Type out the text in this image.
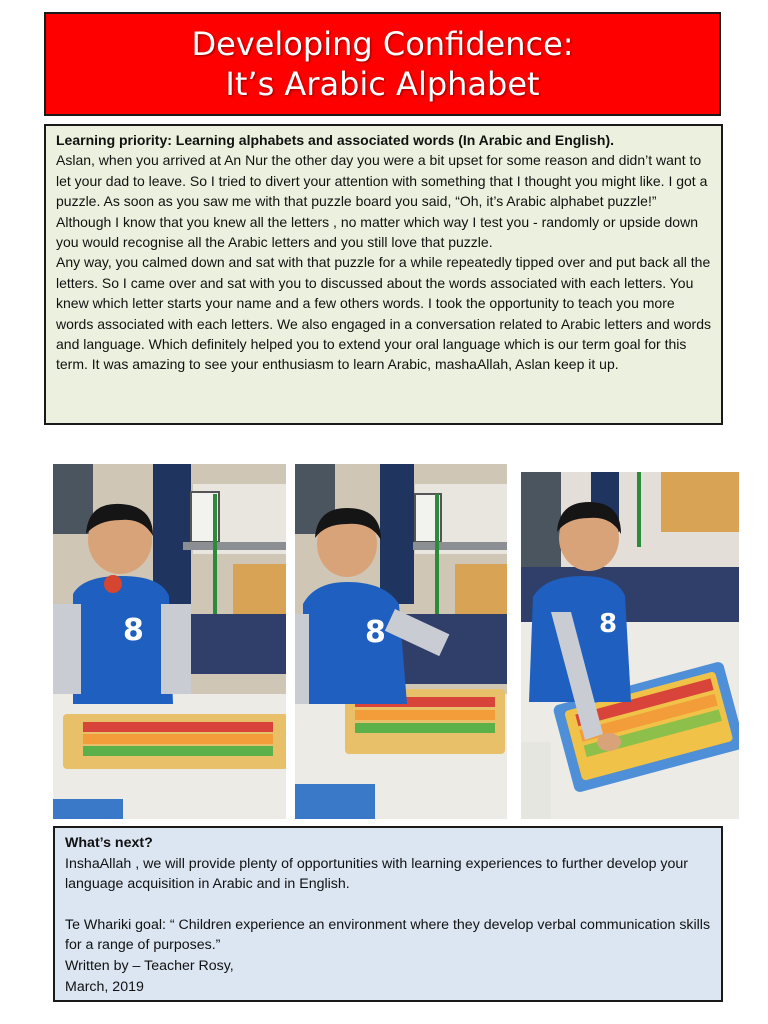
Developing Confidence:
It’s Arabic Alphabet

Learning priority: Learning alphabets and associated words (In Arabic and English).

Aslan, when you arrived at An Nur the other day you were a bit upset for some reason and didn’t want to let your dad to leave. So I tried to divert your attention with something that I thought you might like. I got a puzzle. As soon as you saw me with that puzzle board you said, “Oh, it’s Arabic alphabet puzzle!” Although I know that you knew all the letters , no matter which way I test you - randomly or upside down you would recognise all the Arabic letters and you still love that puzzle.

Any way, you calmed down and sat with that puzzle for a while repeatedly tipped over and put back all the letters. So I came over and sat with you to discussed about the words associated with each letters. You knew which letter starts your name and a few others words. I took the opportunity to teach you more words associated with each letters. We also engaged in a conversation related to Arabic letters and words and language. Which definitely helped you to extend your oral language which is our term goal for this term. It was amazing to see your enthusiasm to learn Arabic, mashaAllah, Aslan keep it up.

8	8	8

What’s next?

InshaAllah , we will provide plenty of opportunities with learning experiences to further develop your language acquisition in Arabic and in English.

Te Whariki goal: “ Children experience an environment where they develop verbal communication skills for a range of purposes.”

Written by – Teacher Rosy,

March, 2019
